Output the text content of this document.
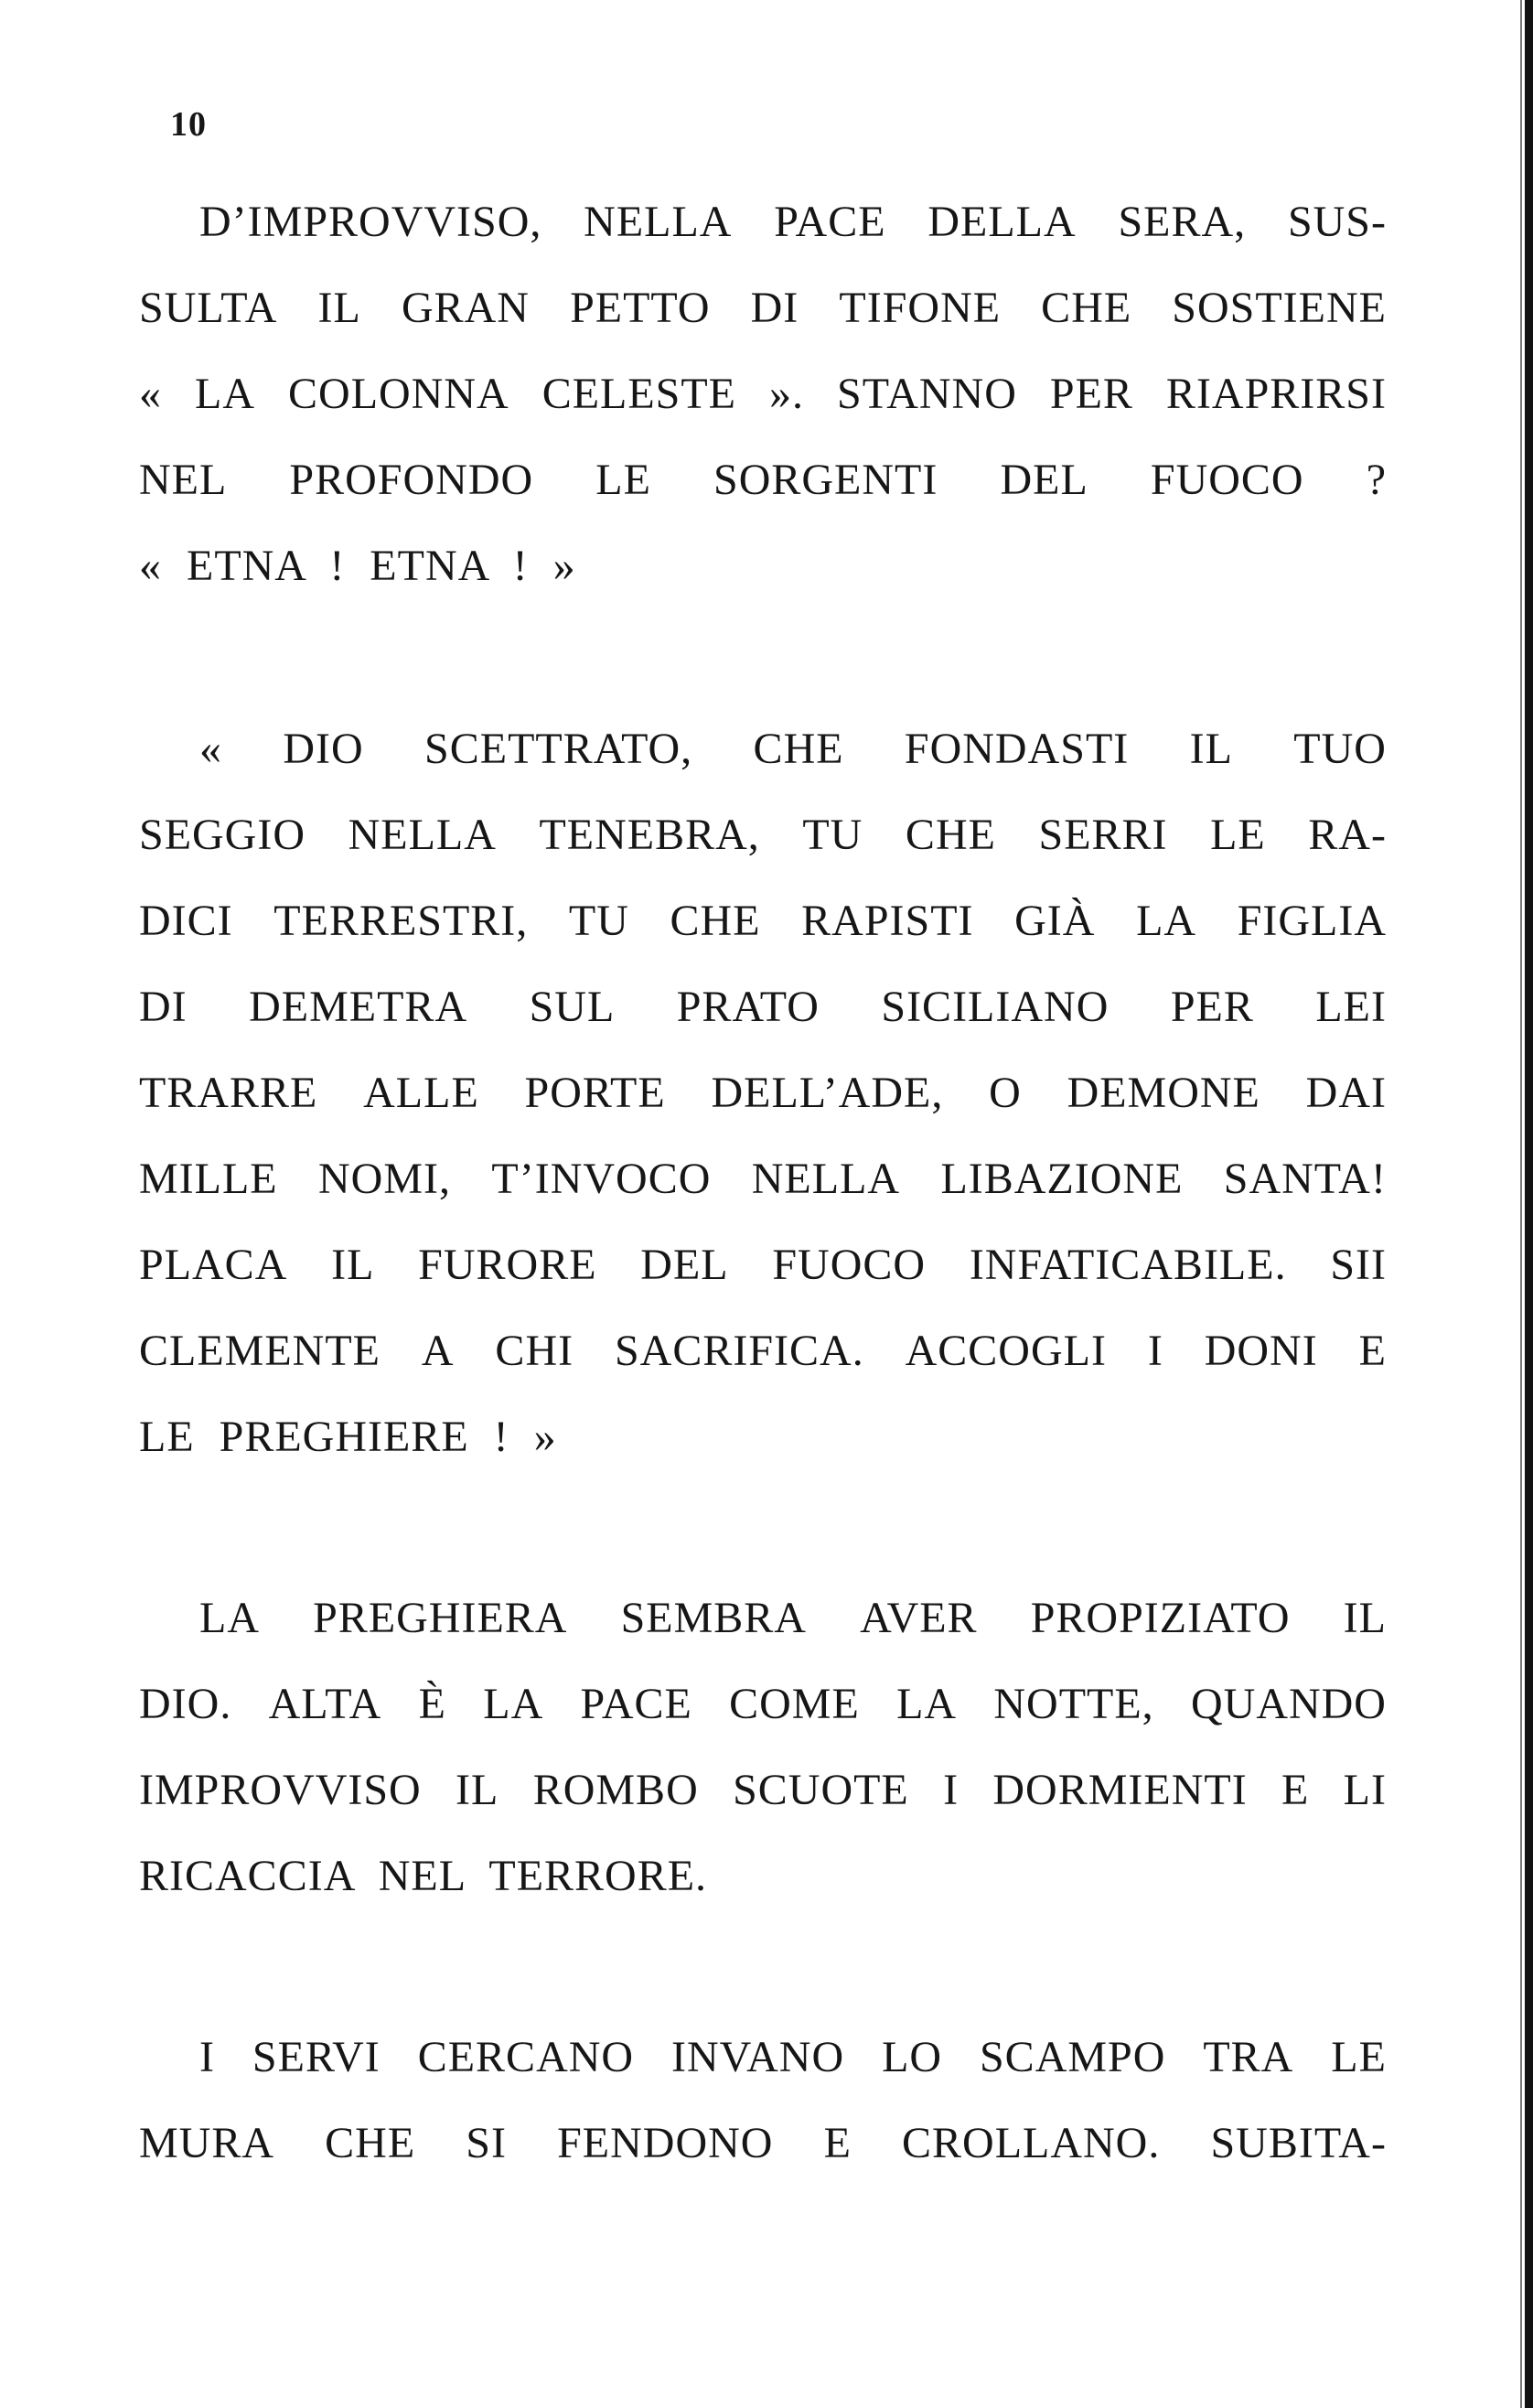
10
D’IMPROVVISO, NELLA PACE DELLA SERA, SUS-
SULTA IL GRAN PETTO DI TIFONE CHE SOSTIENE
« LA COLONNA CELESTE ». STANNO PER RIAPRIRSI
NEL PROFONDO LE SORGENTI DEL FUOCO ?
« ETNA ! ETNA ! »
« DIO SCETTRATO, CHE FONDASTI IL TUO
SEGGIO NELLA TENEBRA, TU CHE SERRI LE RA-
DICI TERRESTRI, TU CHE RAPISTI GIÀ LA FIGLIA
DI DEMETRA SUL PRATO SICILIANO PER LEI
TRARRE ALLE PORTE DELL’ADE, O DEMONE DAI
MILLE NOMI, T’INVOCO NELLA LIBAZIONE SANTA!
PLACA IL FURORE DEL FUOCO INFATICABILE. SII
CLEMENTE A CHI SACRIFICA. ACCOGLI I DONI E
LE PREGHIERE ! »
LA PREGHIERA SEMBRA AVER PROPIZIATO IL
DIO. ALTA È LA PACE COME LA NOTTE, QUANDO
IMPROVVISO IL ROMBO SCUOTE I DORMIENTI E LI
RICACCIA NEL TERRORE.
I SERVI CERCANO INVANO LO SCAMPO TRA LE
MURA CHE SI FENDONO E CROLLANO. SUBITA-
